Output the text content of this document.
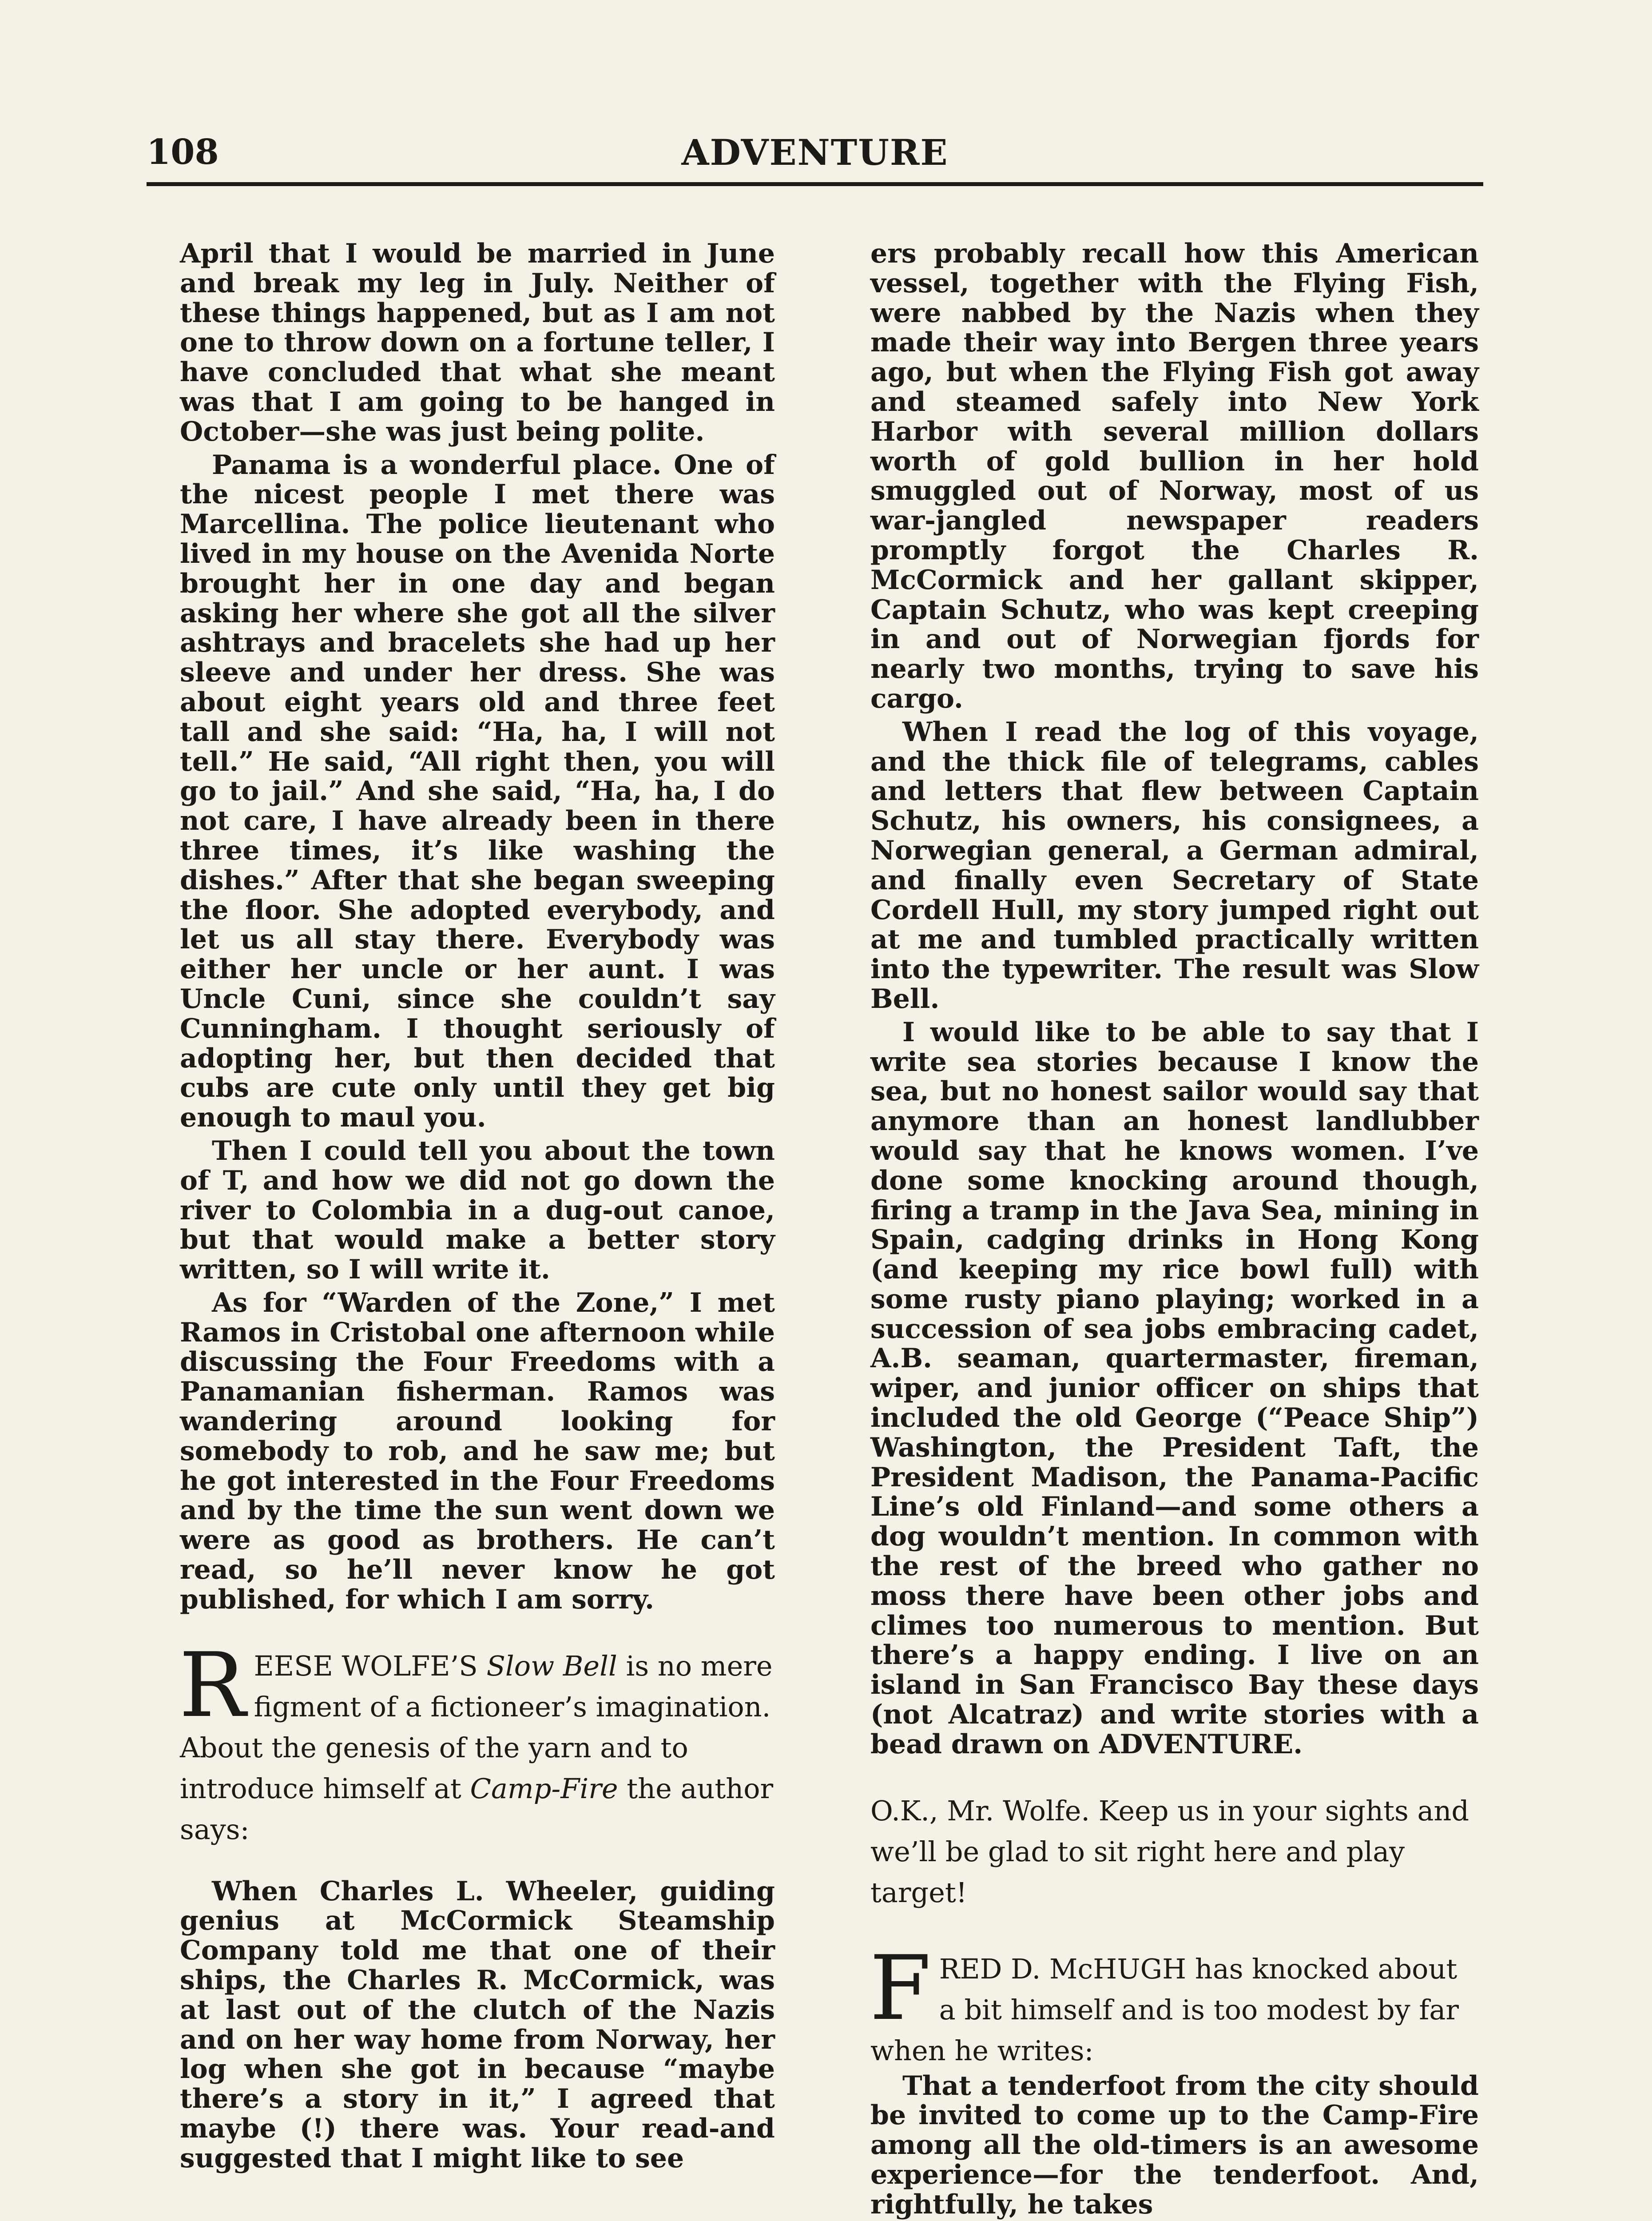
108	ADVENTURE

April that I would be married in June and break my leg in July. Neither of these things happened, but as I am not one to throw down on a fortune teller, I have concluded that what she meant was that I am going to be hanged in October—she was just being polite.

Panama is a wonderful place. One of the nicest people I met there was Marcellina. The police lieutenant who lived in my house on the Avenida Norte brought her in one day and began asking her where she got all the silver ashtrays and bracelets she had up her sleeve and under her dress. She was about eight years old and three feet tall and she said: “Ha, ha, I will not tell.” He said, “All right then, you will go to jail.” And she said, “Ha, ha, I do not care, I have already been in there three times, it’s like washing the dishes.” After that she began sweeping the floor. She adopted everybody, and let us all stay there. Everybody was either her uncle or her aunt. I was Uncle Cuni, since she couldn’t say Cunningham. I thought seriously of adopting her, but then decided that cubs are cute only until they get big enough to maul you.

Then I could tell you about the town of T, and how we did not go down the river to Colombia in a dug-out canoe, but that would make a better story written, so I will write it.

As for “Warden of the Zone,” I met Ramos in Cristobal one afternoon while discussing the Four Freedoms with a Panamanian fisherman. Ramos was wandering around looking for somebody to rob, and he saw me; but he got interested in the Four Freedoms and by the time the sun went down we were as good as brothers. He can’t read, so he’ll never know he got published, for which I am sorry.

REESE WOLFE’S Slow Bell is no mere figment of a fictioneer’s imagination. About the genesis of the yarn and to introduce himself at Camp-Fire the author says:

When Charles L. Wheeler, guiding genius at McCormick Steamship Company told me that one of their ships, the Charles R. McCormick, was at last out of the clutch of the Nazis and on her way home from Norway, her log when she got in because “maybe there’s a story in it,” I agreed that maybe (!) there was. Your read-and suggested that I might like to see

ers probably recall how this American vessel, together with the Flying Fish, were nabbed by the Nazis when they made their way into Bergen three years ago, but when the Flying Fish got away and steamed safely into New York Harbor with several million dollars worth of gold bullion in her hold smuggled out of Norway, most of us war-jangled newspaper readers promptly forgot the Charles R. McCormick and her gallant skipper, Captain Schutz, who was kept creeping in and out of Norwegian fjords for nearly two months, trying to save his cargo.

When I read the log of this voyage, and the thick file of telegrams, cables and letters that flew between Captain Schutz, his owners, his consignees, a Norwegian general, a German admiral, and finally even Secretary of State Cordell Hull, my story jumped right out at me and tumbled practically written into the typewriter. The result was Slow Bell.

I would like to be able to say that I write sea stories because I know the sea, but no honest sailor would say that anymore than an honest landlubber would say that he knows women. I’ve done some knocking around though, firing a tramp in the Java Sea, mining in Spain, cadging drinks in Hong Kong (and keeping my rice bowl full) with some rusty piano playing; worked in a succession of sea jobs embracing cadet, A.B. seaman, quartermaster, fireman, wiper, and junior officer on ships that included the old George (“Peace Ship”) Washington, the President Taft, the President Madison, the Panama-Pacific Line’s old Finland—and some others a dog wouldn’t mention. In common with the rest of the breed who gather no moss there have been other jobs and climes too numerous to mention. But there’s a happy ending. I live on an island in San Francisco Bay these days (not Alcatraz) and write stories with a bead drawn on ADVENTURE.

O.K., Mr. Wolfe. Keep us in your sights and we’ll be glad to sit right here and play target!

FRED D. McHUGH has knocked about a bit himself and is too modest by far when he writes:

That a tenderfoot from the city should be invited to come up to the Camp-Fire among all the old-timers is an awesome experience—for the tenderfoot. And, rightfully, he takes
